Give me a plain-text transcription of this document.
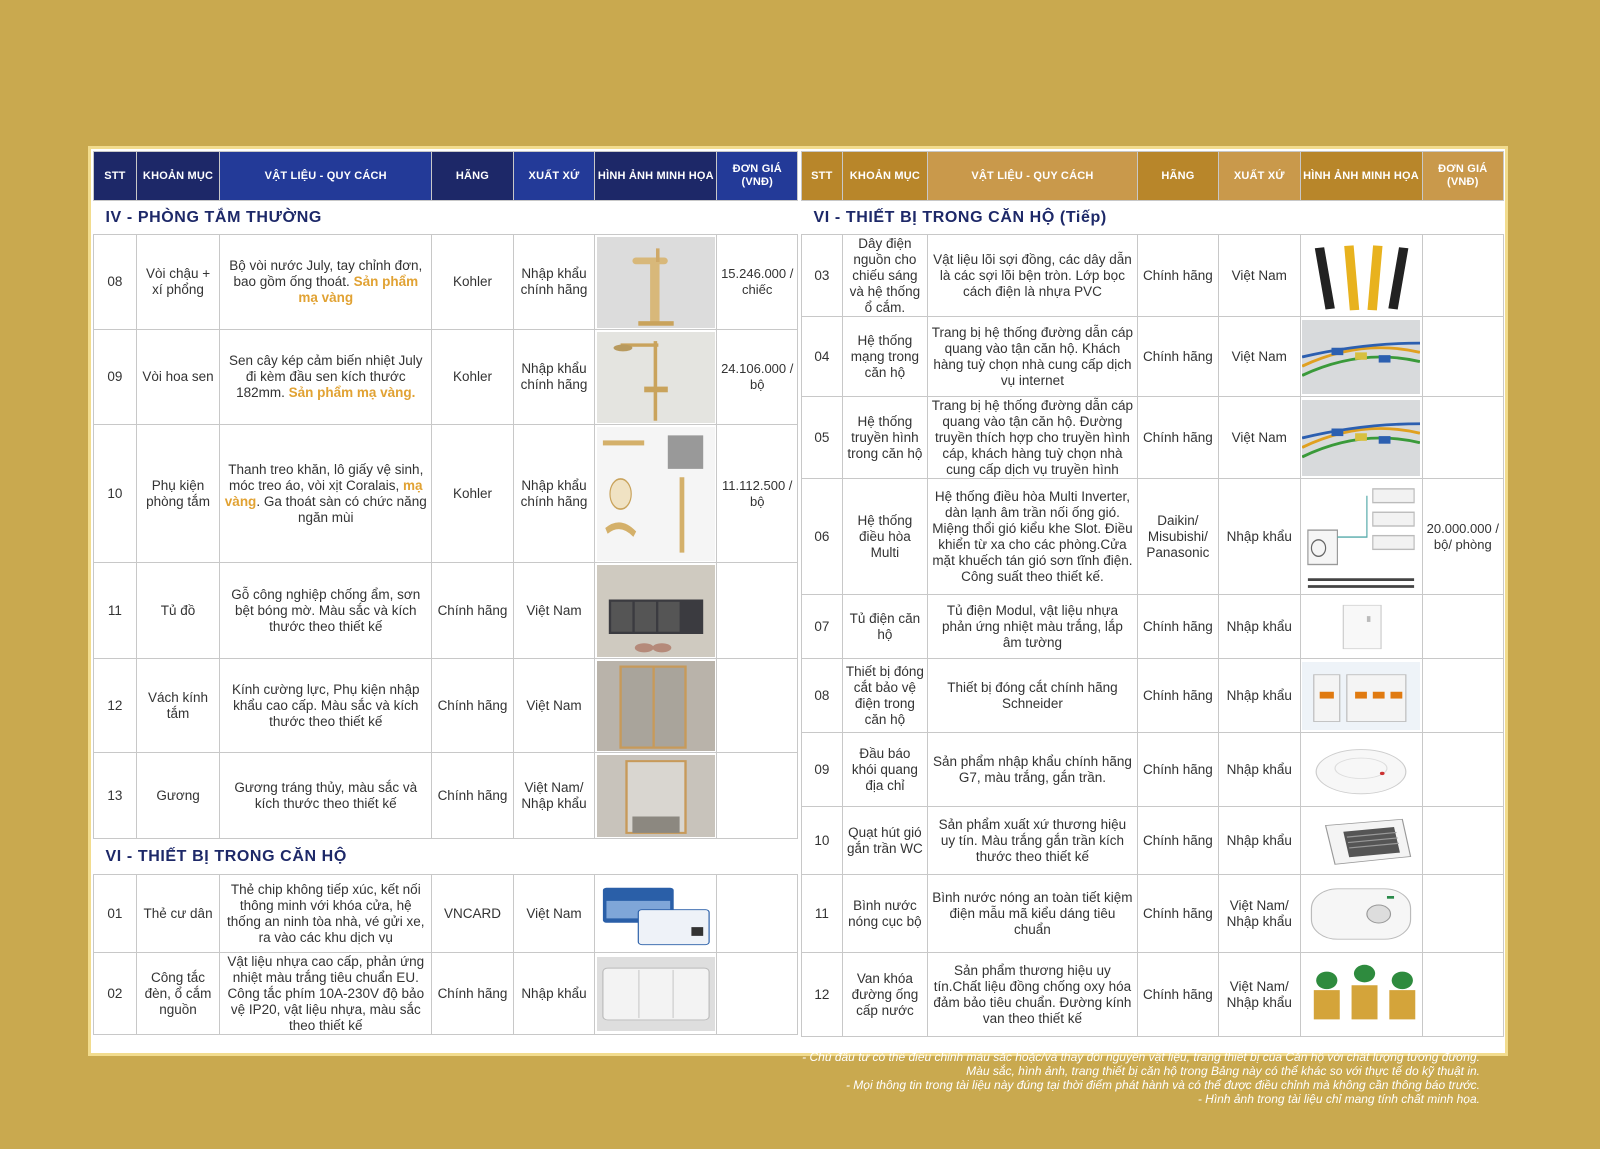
STT	KHOẢN MỤC	VẬT LIỆU - QUY CÁCH	HÃNG	XUẤT XỨ	HÌNH ẢNH MINH HỌA	ĐƠN GIÁ (VNĐ)
IV - PHÒNG TẮM THƯỜNG						
08	Vòi chậu + xí phổng	Bộ vòi nước July, tay chỉnh đơn, bao gồm ống thoát. Sản phẩm mạ vàng	Kohler	Nhập khẩu chính hãng		15.246.000 / chiếc
09	Vòi hoa sen	Sen cây kép cảm biến nhiệt July đi kèm đầu sen kích thước 182mm. Sản phẩm mạ vàng.	Kohler	Nhập khẩu chính hãng		24.106.000 / bộ
10	Phụ kiện phòng tắm	Thanh treo khăn, lô giấy vệ sinh, móc treo áo, vòi xịt Coralais, mạ vàng. Ga thoát sàn có chức năng ngăn mùi	Kohler	Nhập khẩu chính hãng		11.112.500 / bộ
11	Tủ đồ	Gỗ công nghiệp chống ẩm, sơn bệt bóng mờ. Màu sắc và kích thước theo thiết kế	Chính hãng	Việt Nam	

12	Vách kính tắm	Kính cường lực, Phụ kiện nhập khẩu cao cấp. Màu sắc và kích thước theo thiết kế	Chính hãng	Việt Nam	

13	Gương	Gương tráng thủy, màu sắc và kích thước theo thiết kế	Chính hãng	Việt Nam/ Nhập khẩu	

VI - THIẾT BỊ TRONG CĂN HỘ						
01	Thẻ cư dân	Thẻ chip không tiếp xúc, kết nối thông minh với khóa cửa, hệ thống an ninh tòa nhà, vé gửi xe, ra vào các khu dịch vụ	VNCARD	Việt Nam	

02	Công tắc đèn, ổ cắm nguồn	Vật liệu nhựa cao cấp, phản ứng nhiệt màu trắng tiêu chuẩn EU. Công tắc phím 10A-230V độ bảo vệ IP20, vật liệu nhựa, màu sắc theo thiết kế	Chính hãng	Nhập khẩu	

STT	KHOẢN MỤC	VẬT LIỆU - QUY CÁCH	HÃNG	XUẤT XỨ	HÌNH ẢNH MINH HỌA	ĐƠN GIÁ (VNĐ)
VI - THIẾT BỊ TRONG CĂN HỘ (Tiếp)						
03	Dây điện nguồn cho chiếu sáng và hệ thống ổ cắm.	Vật liệu lõi sợi đồng, các dây dẫn là các sợi lõi bện tròn. Lớp bọc cách điện là nhựa PVC	Chính hãng	Việt Nam	

04	Hệ thống mạng trong căn hộ	Trang bị hệ thống đường dẫn cáp quang vào tận căn hộ. Khách hàng tuỳ chọn nhà cung cấp dịch vụ internet	Chính hãng	Việt Nam	

05	Hệ thống truyền hình trong căn hộ	Trang bị hệ thống đường dẫn cáp quang vào tận căn hộ. Đường truyền thích hợp cho truyền hình cáp, khách hàng tuỳ chọn nhà cung cấp dịch vụ truyền hình	Chính hãng	Việt Nam	

06	Hệ thống điều hòa Multi	Hệ thống điều hòa Multi Inverter, dàn lạnh âm trần nối ống gió. Miệng thổi gió kiểu khe Slot. Điều khiển từ xa cho các phòng.Cửa mặt khuếch tán gió sơn tĩnh điện. Công suất theo thiết kế.	Daikin/ Misubishi/ Panasonic	Nhập khẩu		20.000.000 / bộ/ phòng
07	Tủ điện căn hộ	Tủ điện Modul, vật liệu nhựa phản ứng nhiệt màu trắng, lắp âm tường	Chính hãng	Nhập khẩu	

08	Thiết bị đóng cắt bảo vệ điện trong căn hộ	Thiết bị đóng cắt chính hãng Schneider	Chính hãng	Nhập khẩu	

09	Đầu báo khói quang địa chỉ	Sản phẩm nhập khẩu chính hãng G7, màu trắng, gắn trần.	Chính hãng	Nhập khẩu	

10	Quạt hút gió gắn trần WC	Sản phẩm xuất xứ thương hiệu uy tín. Màu trắng gắn trần kích thước theo thiết kế	Chính hãng	Nhập khẩu	

11	Bình nước nóng cục bộ	Bình nước nóng an toàn tiết kiệm điện mẫu mã kiểu dáng tiêu chuẩn	Chính hãng	Việt Nam/ Nhập khẩu	

12	Van khóa đường ống cấp nước	Sản phẩm thương hiệu uy tín.Chất liệu đồng chống oxy hóa đảm bảo tiêu chuẩn. Đường kính van theo thiết kế	Chính hãng	Việt Nam/ Nhập khẩu	

- Chủ đầu tư có thể điều chỉnh màu sắc hoặc/và thay đổi nguyên vật liệu, trang thiết bị của Căn hộ với chất lượng tương đương.
Màu sắc, hình ảnh, trang thiết bị căn hộ trong Bảng này có thể khác so với thực tế do kỹ thuật in.
- Mọi thông tin trong tài liệu này đúng tại thời điểm phát hành và có thể được điều chỉnh mà không cần thông báo trước.
- Hình ảnh trong tài liệu chỉ mang tính chất minh họa.
